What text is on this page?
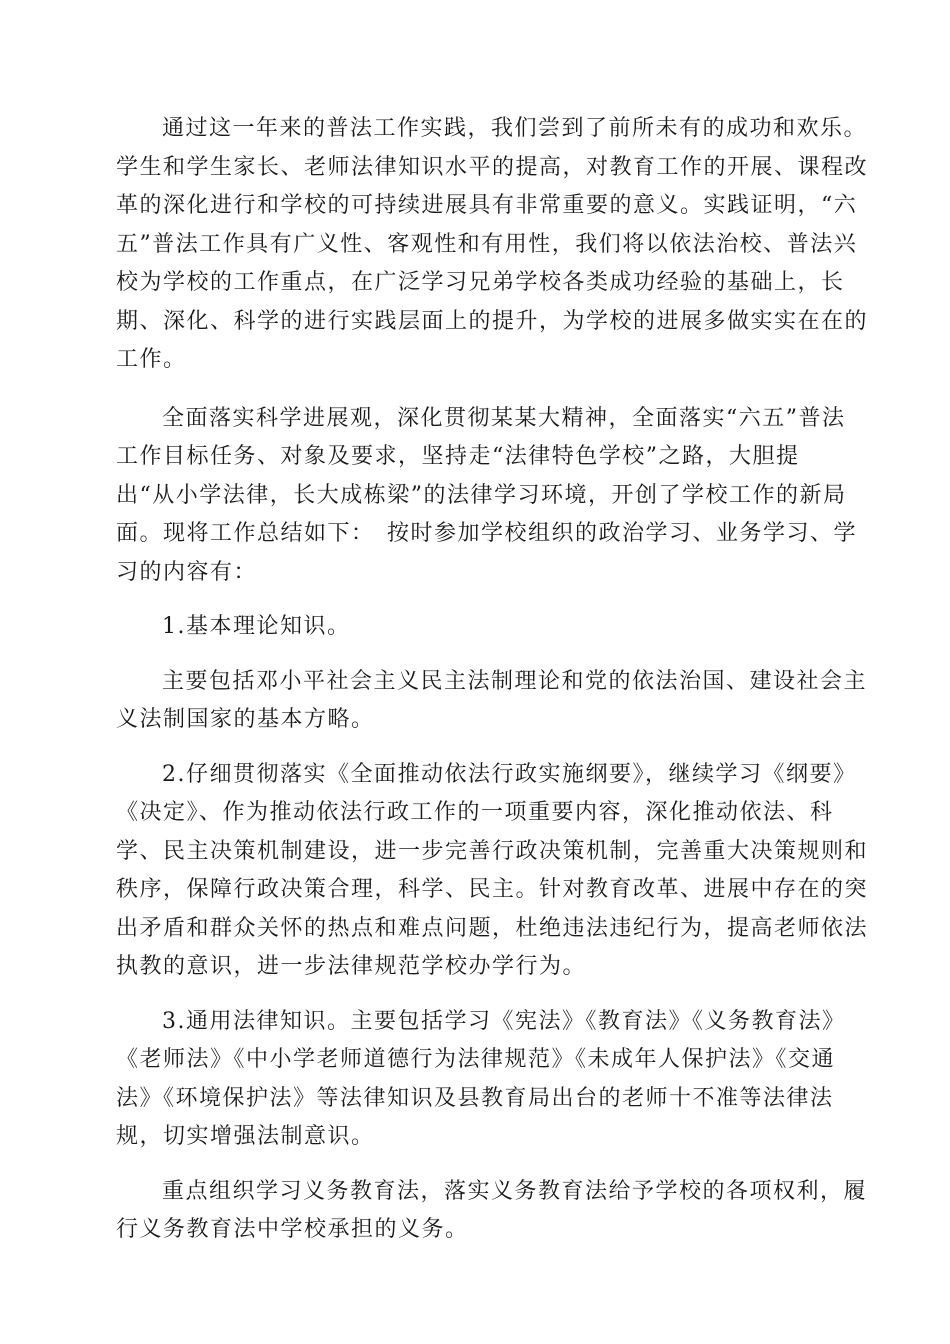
通过这一年来的普法工作实践，我们尝到了前所未有的成功和欢乐。
学生和学生家长、老师法律知识水平的提高，对教育工作的开展、课程改
革的深化进行和学校的可持续进展具有非常重要的意义。实践证明，“六
五”普法工作具有广义性、客观性和有用性，我们将以依法治校、普法兴
校为学校的工作重点，在广泛学习兄弟学校各类成功经验的基础上，长
期、深化、科学的进行实践层面上的提升，为学校的进展多做实实在在的
工作。

全面落实科学进展观，深化贯彻某某大精神，全面落实“六五”普法
工作目标任务、对象及要求，坚持走“法律特色学校”之路，大胆提
出“从小学法律，长大成栋梁”的法律学习环境，开创了学校工作的新局
面。现将工作总结如下：　按时参加学校组织的政治学习、业务学习、学
习的内容有：

1.基本理论知识。

主要包括邓小平社会主义民主法制理论和党的依法治国、建设社会主
义法制国家的基本方略。

2.仔细贯彻落实《全面推动依法行政实施纲要》，继续学习《纲要》
《决定》、作为推动依法行政工作的一项重要内容，深化推动依法、科
学、民主决策机制建设，进一步完善行政决策机制，完善重大决策规则和
秩序，保障行政决策合理，科学、民主。针对教育改革、进展中存在的突
出矛盾和群众关怀的热点和难点问题，杜绝违法违纪行为，提高老师依法
执教的意识，进一步法律规范学校办学行为。

3.通用法律知识。主要包括学习《宪法》《教育法》《义务教育法》
《老师法》《中小学老师道德行为法律规范》《未成年人保护法》《交通
法》《环境保护法》等法律知识及县教育局出台的老师十不准等法律法
规，切实增强法制意识。

重点组织学习义务教育法，落实义务教育法给予学校的各项权利，履
行义务教育法中学校承担的义务。
